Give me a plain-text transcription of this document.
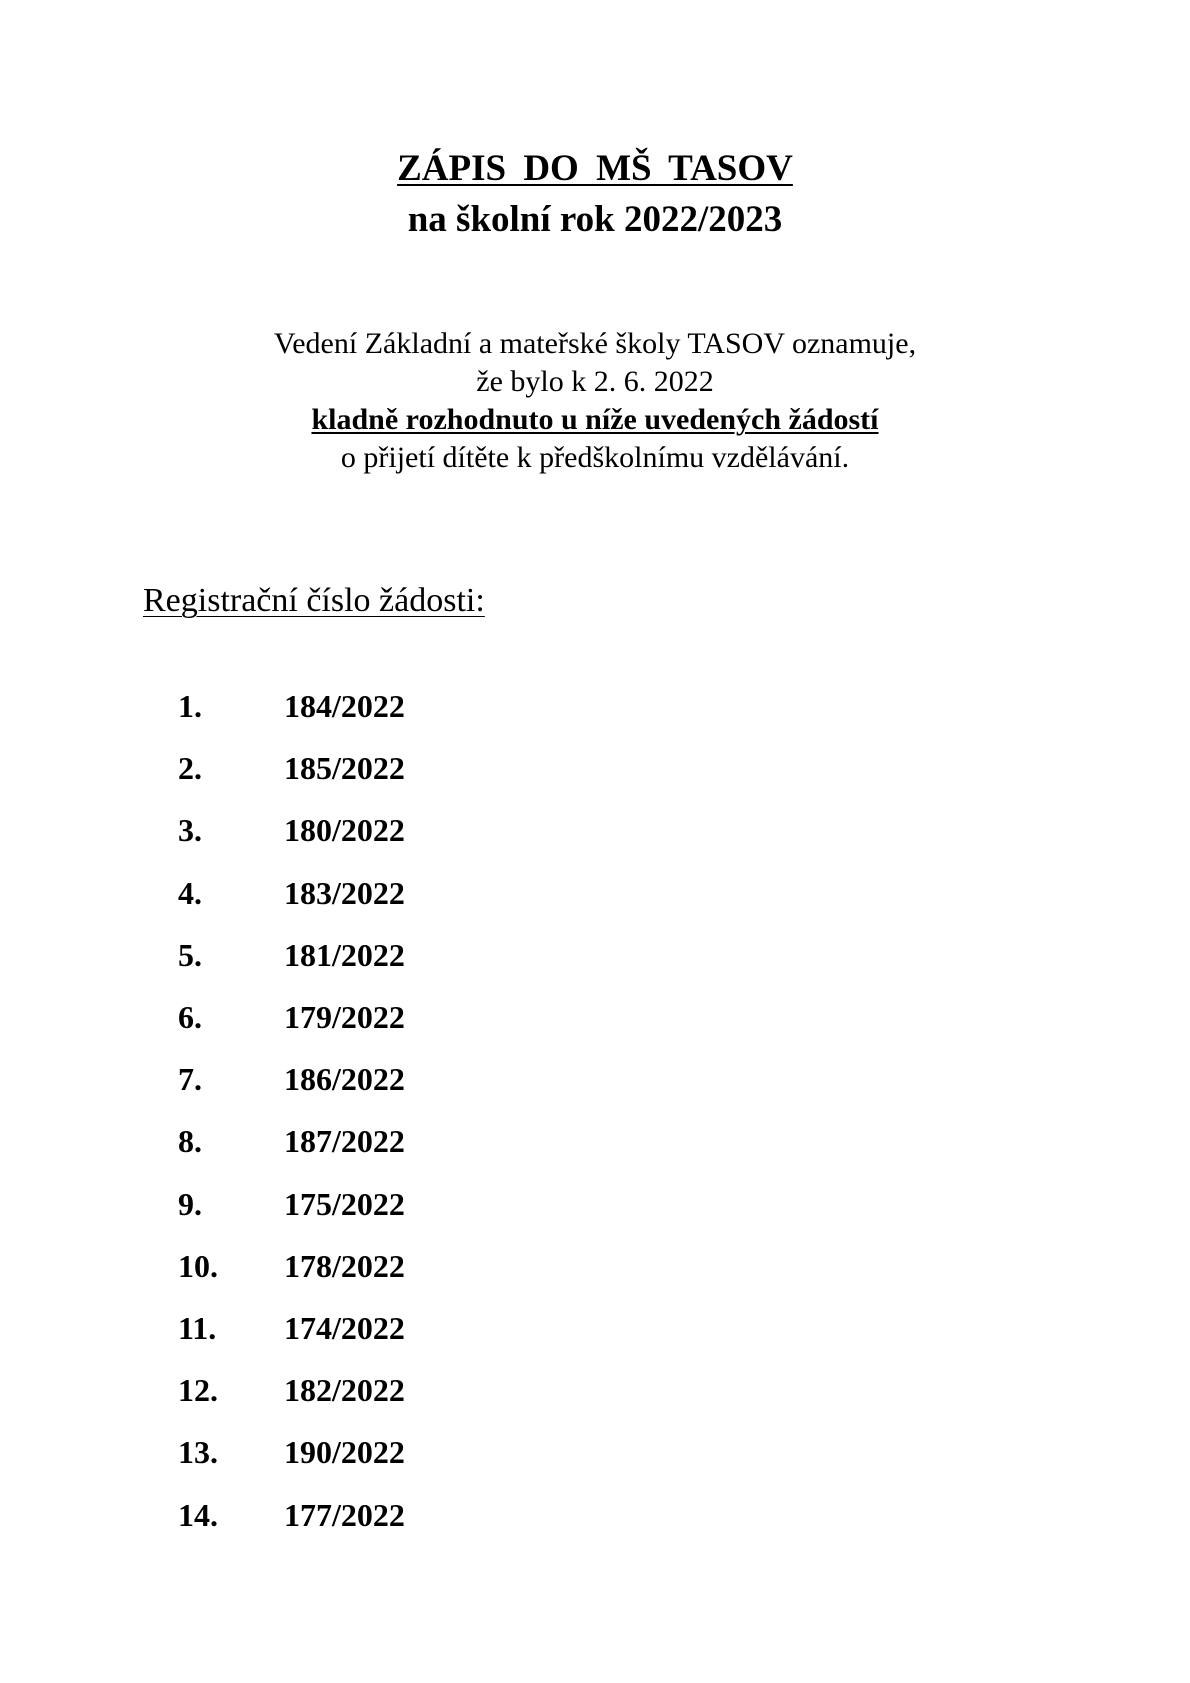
ZÁPIS DO MŠ TASOV
na školní rok 2022/2023
Vedení Základní a mateřské školy TASOV oznamuje,
že bylo k 2. 6. 2022
kladně rozhodnuto u níže uvedených žádostí
o přijetí dítěte k předškolnímu vzdělávání.
Registrační číslo žádosti:
1.	184/2022
2.	185/2022
3.	180/2022
4.	183/2022
5.	181/2022
6.	179/2022
7.	186/2022
8.	187/2022
9.	175/2022
10.	178/2022
11.	174/2022
12.	182/2022
13.	190/2022
14.	177/2022
